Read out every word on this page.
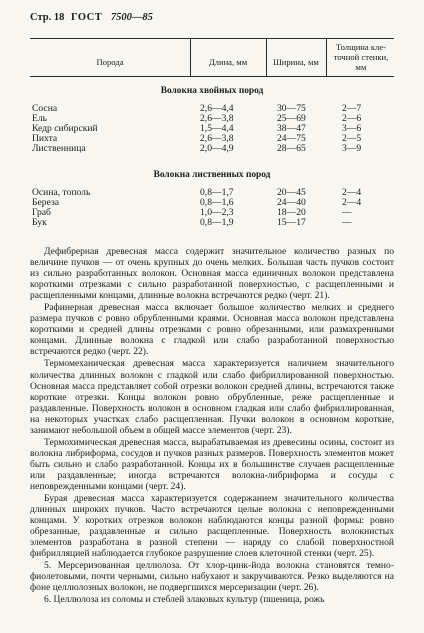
Стр. 18 ГОСТ 7500—85
Порода	Длина, мм	Ширина, мм
Толщина кле-
точной стенки,
мм
Волокна хвойных пород
Сосна	2,6—4,4	30—75	2—7
Ель	2,6—3,8	25—69	2—6
Кедр сибирский	1,5—4,4	38—47	3—6
Пихта	2,6—3,8	24—75	2—5
Лиственница	2,0—4,9	28—65	3—9
Волокна лиственных пород
Осина, тополь	0,8—1,7	20—45	2—4
Береза	0,8—1,6	24—40	2—4
Граб	1,0—2,3	18—20	—
Бук	0,8—1,9	15—17	—

Дефибрерная древесная масса содержит значительное количество разных по величине пучков — от очень крупных до очень мелких. Большая часть пучков состоит из сильно разработанных волокон. Основная масса единичных волокон представлена короткими отрезками с сильно разработанной поверхностью, с расщепленными и расщепленными концами, длинные волокна встречаются редко (черт. 21).

Рафинерная древесная масса включает большое количество мелких и среднего размера пучков с ровно обрубленными краями. Основная масса волокон представлена короткими и средней длины отрезками с ровно обрезанными, или размахренными концами. Длинные волокна с гладкой или слабо разработанной поверхностью встречаются редко (черт. 22).

Термомеханическая древесная масса характеризуется наличием значительного количества длинных волокон с гладкой или слабо фибриллированной поверхностью. Основная масса представляет собой отрезки волокон средней длины, встречаются также короткие отрезки. Концы волокон ровно обрубленные, реже расщепленные и раздавленные. Поверхность волокон в основном гладкая или слабо фибриллированная, на некоторых участках слабо расщепленная. Пучки волокон в основном короткие, занимают небольшой объем в общей массе элементов (черт. 23).

Термохимическая древесная масса, вырабатываемая из древесины осины, состоит из волокна либриформа, сосудов и пучков разных размеров. Поверхность элементов может быть сильно и слабо разработанной. Концы их в большинстве случаев расщепленные или раздавленные; иногда встречаются волокна-либриформа и сосуды с неповрежденными концами (черт. 24).

Бурая древесная масса характеризуется содержанием значительного количества длинных широких пучков. Часто встречаются целые волокна с неповрежденными концами. У коротких отрезков волокон наблюдаются концы разной формы: ровно обрезанные, раздавленные и сильно расщепленные. Поверхность волокнистых элементов разработана в разной степени — наряду со слабой поверхностной фибрилляцией наблюдается глубокое разрушение слоев клеточной стенки (черт. 25).

5. Мерсеризованная целлюлоза. От хлор-цинк-йода волокна становятся темно-фиолетовыми, почти черными, сильно набухают и закручиваются. Резко выделяются на фоне целлюлозных волокон, не подвергшихся мерсеризации (черт. 26).

6. Целлюлоза из соломы и стеблей злаковых культур (пшеница, рожь
